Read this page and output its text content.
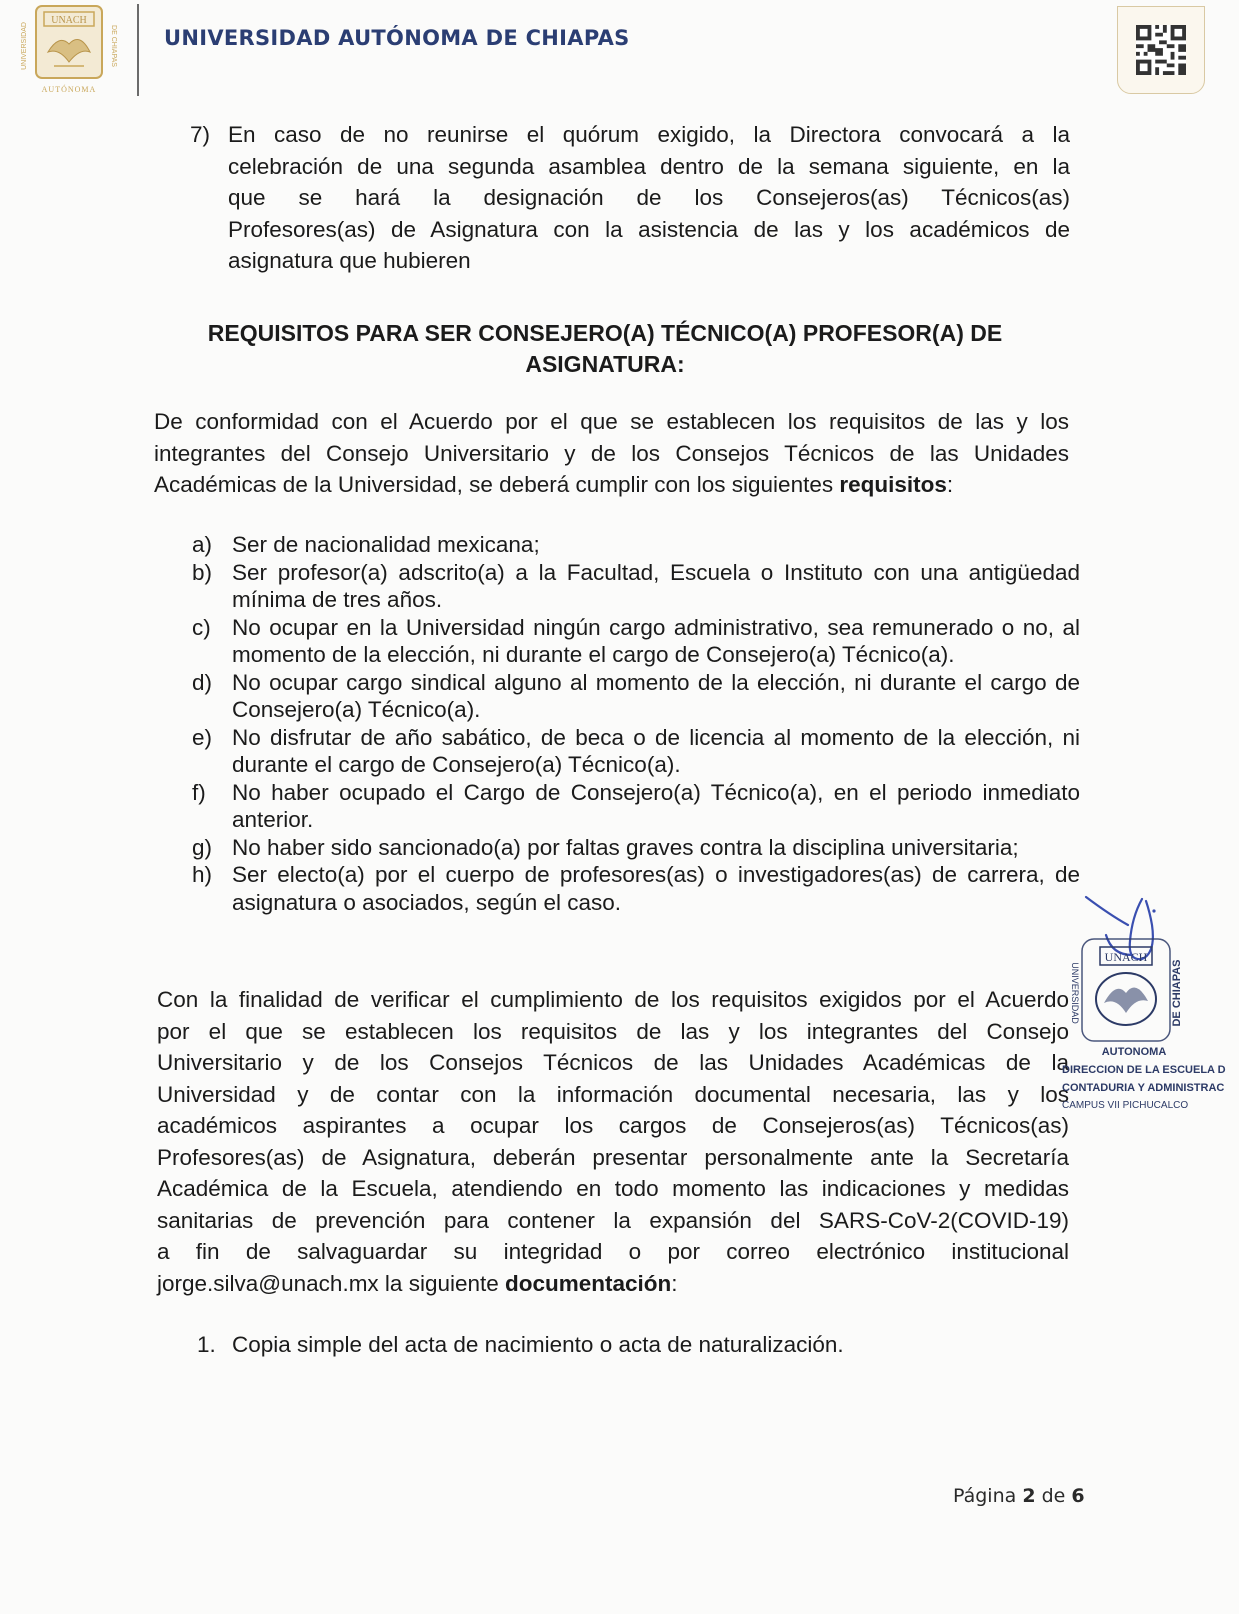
UNACH
UNIVERSIDAD	DE CHIAPAS
AUTÓNOMA
UNIVERSIDAD AUTÓNOMA DE CHIAPAS
7) En caso de no reunirse el quórum exigido, la Directora convocará a la
celebración de una segunda asamblea dentro de la semana siguiente, en la
que se hará la designación de los Consejeros(as) Técnicos(as)
Profesores(as) de Asignatura con la asistencia de las y los académicos de
asignatura que hubieren
REQUISITOS PARA SER CONSEJERO(A) TÉCNICO(A) PROFESOR(A) DE
ASIGNATURA:
De conformidad con el Acuerdo por el que se establecen los requisitos de las y los
integrantes del Consejo Universitario y de los Consejos Técnicos de las Unidades
Académicas de la Universidad, se deberá cumplir con los siguientes requisitos:
a) Ser de nacionalidad mexicana;
b) Ser profesor(a) adscrito(a) a la Facultad, Escuela o Instituto con una antigüedad mínima de tres años.
c) No ocupar en la Universidad ningún cargo administrativo, sea remunerado o no, al momento de la elección, ni durante el cargo de Consejero(a) Técnico(a).
d) No ocupar cargo sindical alguno al momento de la elección, ni durante el cargo de Consejero(a) Técnico(a).
e) No disfrutar de año sabático, de beca o de licencia al momento de la elección, ni durante el cargo de Consejero(a) Técnico(a).
f) No haber ocupado el Cargo de Consejero(a) Técnico(a), en el periodo inmediato anterior.
g) No haber sido sancionado(a) por faltas graves contra la disciplina universitaria;
h) Ser electo(a) por el cuerpo de profesores(as) o investigadores(as) de carrera, de asignatura o asociados, según el caso.
Con la finalidad de verificar el cumplimiento de los requisitos exigidos por el Acuerdo
por el que se establecen los requisitos de las y los integrantes del Consejo
Universitario y de los Consejos Técnicos de las Unidades Académicas de la
Universidad y de contar con la información documental necesaria, las y los
académicos aspirantes a ocupar los cargos de Consejeros(as) Técnicos(as)
Profesores(as) de Asignatura, deberán presentar personalmente ante la Secretaría
Académica de la Escuela, atendiendo en todo momento las indicaciones y medidas
sanitarias de prevención para contener la expansión del SARS-CoV-2(COVID-19)
a fin de salvaguardar su integridad o por correo electrónico institucional
jorge.silva@unach.mx la siguiente documentación:
1. Copia simple del acta de nacimiento o acta de naturalización.
UNACH
UNIVERSIDAD	DE CHIAPAS
AUTONOMA
DIRECCION DE LA ESCUELA D
CONTADURIA Y ADMINISTRAC
CAMPUS VII PICHUCALCO
Página 2 de 6
